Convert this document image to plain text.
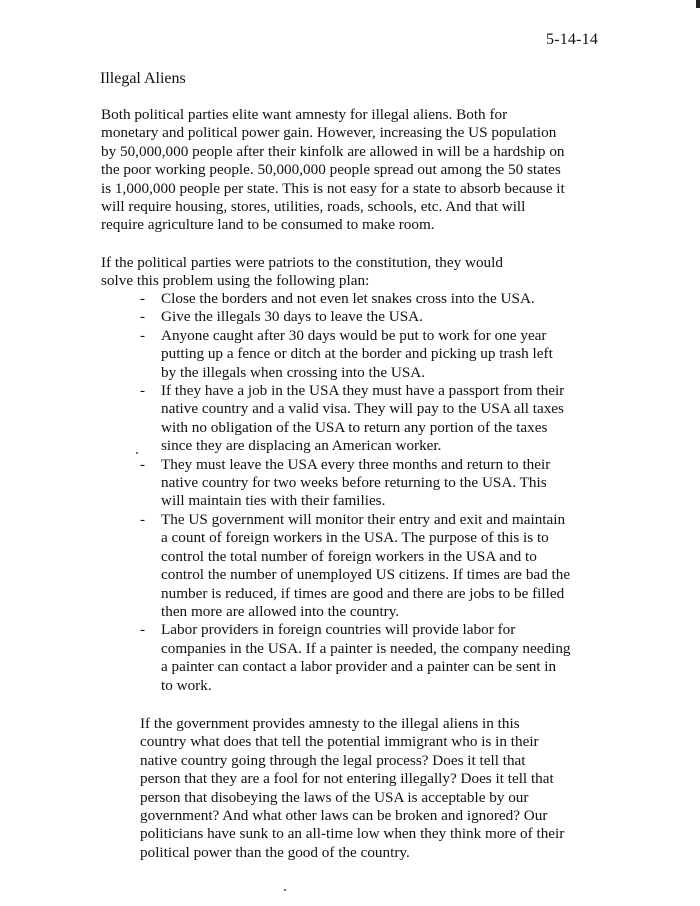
5-14-14
Illegal Aliens
Both political parties elite want amnesty for illegal aliens. Both for
monetary and political power gain. However, increasing the US population
by 50,000,000 people after their kinfolk are allowed in will be a hardship on
the poor working people. 50,000,000 people spread out among the 50 states
is 1,000,000 people per state. This is not easy for a state to absorb because it
will require housing, stores, utilities, roads, schools, etc. And that will
require agriculture land to be consumed to make room.
If the political parties were patriots to the constitution, they would
solve this problem using the following plan:
- Close the borders and not even let snakes cross into the USA.
- Give the illegals 30 days to leave the USA.
- Anyone caught after 30 days would be put to work for one year
putting up a fence or ditch at the border and picking up trash left
by the illegals when crossing into the USA.
- If they have a job in the USA they must have a passport from their
native country and a valid visa. They will pay to the USA all taxes
with no obligation of the USA to return any portion of the taxes
since they are displacing an American worker.
- They must leave the USA every three months and return to their
native country for two weeks before returning to the USA. This
will maintain ties with their families.
- The US government will monitor their entry and exit and maintain
a count of foreign workers in the USA. The purpose of this is to
control the total number of foreign workers in the USA and to
control the number of unemployed US citizens. If times are bad the
number is reduced, if times are good and there are jobs to be filled
then more are allowed into the country.
- Labor providers in foreign countries will provide labor for
companies in the USA. If a painter is needed, the company needing
a painter can contact a labor provider and a painter can be sent in
to work.
If the government provides amnesty to the illegal aliens in this
country what does that tell the potential immigrant who is in their
native country going through the legal process? Does it tell that
person that they are a fool for not entering illegally? Does it tell that
person that disobeying the laws of the USA is acceptable by our
government? And what other laws can be broken and ignored? Our
politicians have sunk to an all-time low when they think more of their
political power than the good of the country.
